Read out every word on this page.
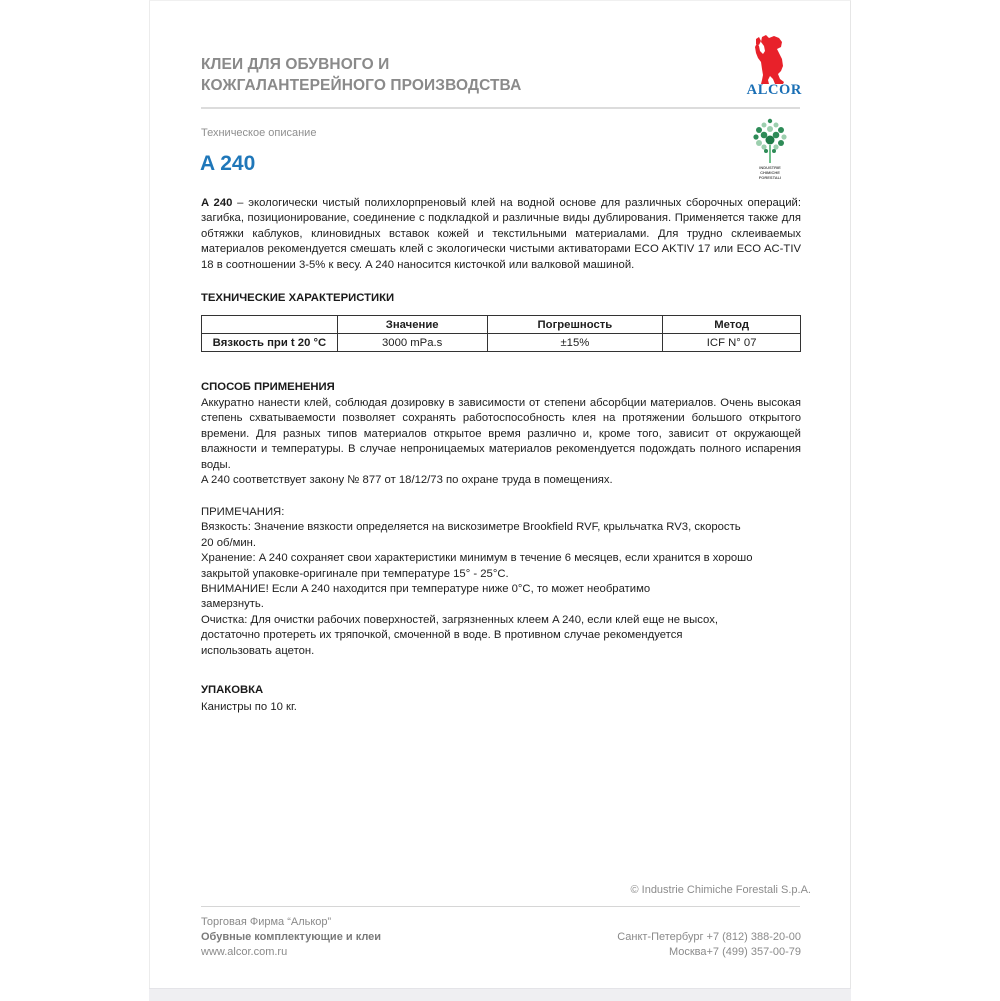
КЛЕИ ДЛЯ ОБУВНОГО И
КОЖГАЛАНТЕРЕЙНОГО ПРОИЗВОДСТВА	ALCOR
Техническое описание
INDUSTRIE
CHIMICHE
FORESTALI
A 240
A 240 – экологически чистый полихлорпреновый клей на водной основе для различных сборочных операций: загибка, позиционирование, соединение с подкладкой и различные виды дублирования. Применяется также для обтяжки каблуков, клиновидных вставок кожей и текстильными материалами. Для трудно склеиваемых материалов рекомендуется смешать клей с экологически чистыми активаторами ECO AKTIV 17 или ECO AC-TIV 18 в соотношении 3-5% к весу. A 240 наносится кисточкой или валковой машиной.
ТЕХНИЧЕСКИЕ ХАРАКТЕРИСТИКИ
	Значение	Погрешность	Метод
Вязкость при t 20 °C	3000 mPa.s	±15%	ICF N° 07
СПОСОБ ПРИМЕНЕНИЯ
Аккуратно нанести клей, соблюдая дозировку в зависимости от степени абсорбции материалов. Очень высокая степень схватываемости позволяет сохранять работоспособность клея на протяжении большого открытого времени. Для разных типов материалов открытое время различно и, кроме того, зависит от окружающей влажности и температуры. В случае непроницаемых материалов рекомендуется подождать полного испарения воды.
A 240 соответствует закону № 877 от 18/12/73 по охране труда в помещениях.
ПРИМЕЧАНИЯ:
Вязкость: Значение вязкости определяется на вискозиметре Brookfield RVF, крыльчатка RV3, скорость
20 об/мин.
Хранение: A 240 сохраняет свои характеристики минимум в течение 6 месяцев, если хранится в хорошо
закрытой упаковке-оригинале при температуре 15° - 25°C.
ВНИМАНИЕ! Если A 240 находится при температуре ниже 0°C, то может необратимо
замерзнуть.
Очистка: Для очистки рабочих поверхностей, загрязненных клеем A 240, если клей еще не высох,
достаточно протереть их тряпочкой, смоченной в воде. В противном случае рекомендуется
использовать ацетон.
УПАКОВКА
Канистры по 10 кг.
© Industrie Chimiche Forestali S.p.A.
Торговая Фирма “Алькор”
Обувные комплектующие и клеи
www.alcor.com.ru
Санкт-Петербург +7 (812) 388-20-00
Москва+7 (499) 357-00-79
